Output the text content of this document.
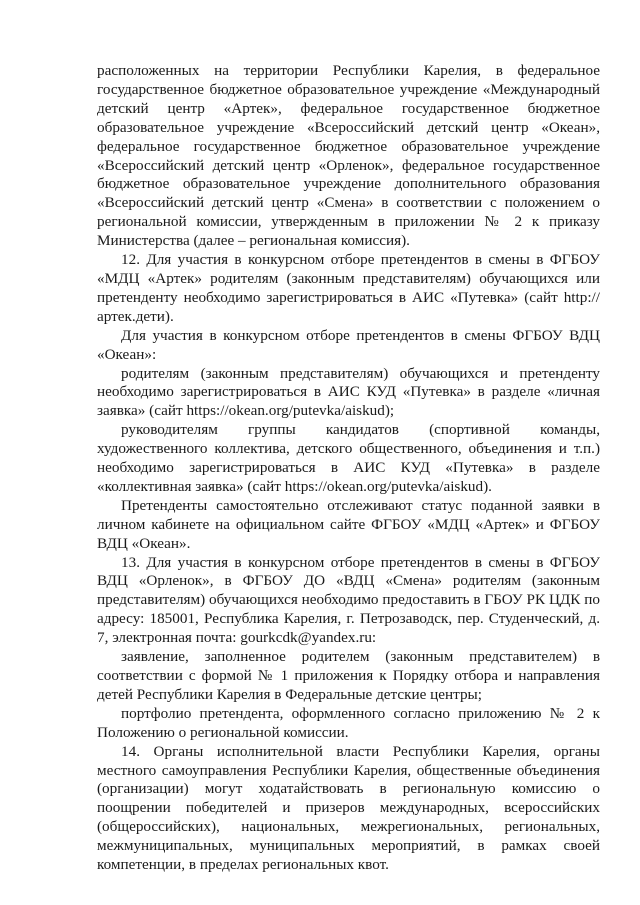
расположенных на территории Республики Карелия, в федеральное государственное бюджетное образовательное учреждение «Международный детский центр «Артек», федеральное государственное бюджетное образовательное учреждение «Всероссийский детский центр «Океан», федеральное государственное бюджетное образовательное учреждение «Всероссийский детский центр «Орленок», федеральное государственное бюджетное образовательное учреждение дополнительного образования «Всероссийский детский центр «Смена» в соответствии с положением о региональной комиссии, утвержденным в приложении № 2 к приказу Министерства (далее – региональная комиссия).

12. Для участия в конкурсном отборе претендентов в смены в ФГБОУ «МДЦ «Артек» родителям (законным представителям) обучающихся или претенденту необходимо зарегистрироваться в АИС «Путевка» (сайт http://артек.дети).

Для участия в конкурсном отборе претендентов в смены ФГБОУ ВДЦ «Океан»:

родителям (законным представителям) обучающихся и претенденту необходимо зарегистрироваться в АИС КУД «Путевка» в разделе «личная заявка» (сайт https://okean.org/putevka/aiskud);

руководителям группы кандидатов (спортивной команды, художественного коллектива, детского общественного, объединения и т.п.) необходимо зарегистрироваться в АИС КУД «Путевка» в разделе «коллективная заявка» (сайт https://okean.org/putevka/aiskud).

Претенденты самостоятельно отслеживают статус поданной заявки в личном кабинете на официальном сайте ФГБОУ «МДЦ «Артек» и ФГБОУ ВДЦ «Океан».

13. Для участия в конкурсном отборе претендентов в смены в ФГБОУ ВДЦ «Орленок», в ФГБОУ ДО «ВДЦ «Смена» родителям (законным представителям) обучающихся необходимо предоставить в ГБОУ РК ЦДК по адресу: 185001, Республика Карелия, г. Петрозаводск, пер. Студенческий, д. 7, электронная почта: gourkcdk@yandex.ru:

заявление, заполненное родителем (законным представителем) в соответствии с формой № 1 приложения к Порядку отбора и направления детей Республики Карелия в Федеральные детские центры;

портфолио претендента, оформленного согласно приложению № 2 к Положению о региональной комиссии.

14. Органы исполнительной власти Республики Карелия, органы местного самоуправления Республики Карелия, общественные объединения (организации) могут ходатайствовать в региональную комиссию о поощрении победителей и призеров международных, всероссийских (общероссийских), национальных, межрегиональных, региональных, межмуниципальных, муниципальных мероприятий, в рамках своей компетенции, в пределах региональных квот.
